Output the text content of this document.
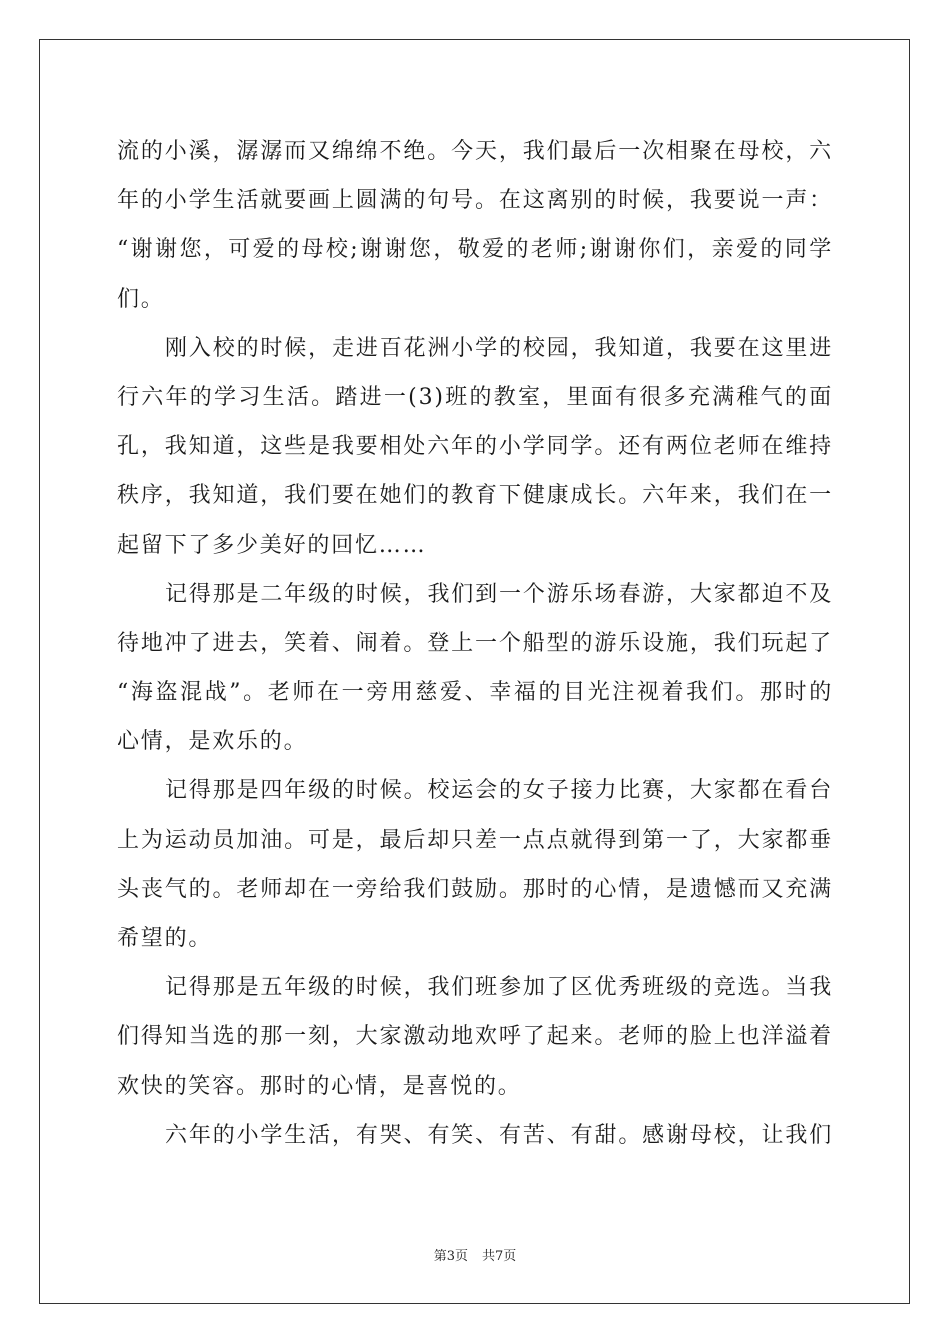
流的小溪，潺潺而又绵绵不绝。今天，我们最后一次相聚在母校，六
年的小学生活就要画上圆满的句号。在这离别的时候，我要说一声：
“谢谢您，可爱的母校;谢谢您，敬爱的老师;谢谢你们，亲爱的同学
们。
刚入校的时候，走进百花洲小学的校园，我知道，我要在这里进
行六年的学习生活。踏进一(3)班的教室，里面有很多充满稚气的面
孔，我知道，这些是我要相处六年的小学同学。还有两位老师在维持
秩序，我知道，我们要在她们的教育下健康成长。六年来，我们在一
起留下了多少美好的回忆……
记得那是二年级的时候，我们到一个游乐场春游，大家都迫不及
待地冲了进去，笑着、闹着。登上一个船型的游乐设施，我们玩起了
“海盗混战”。老师在一旁用慈爱、幸福的目光注视着我们。那时的
心情，是欢乐的。
记得那是四年级的时候。校运会的女子接力比赛，大家都在看台
上为运动员加油。可是，最后却只差一点点就得到第一了，大家都垂
头丧气的。老师却在一旁给我们鼓励。那时的心情，是遗憾而又充满
希望的。
记得那是五年级的时候，我们班参加了区优秀班级的竞选。当我
们得知当选的那一刻，大家激动地欢呼了起来。老师的脸上也洋溢着
欢快的笑容。那时的心情，是喜悦的。
六年的小学生活，有哭、有笑、有苦、有甜。感谢母校，让我们
第3页 共7页
